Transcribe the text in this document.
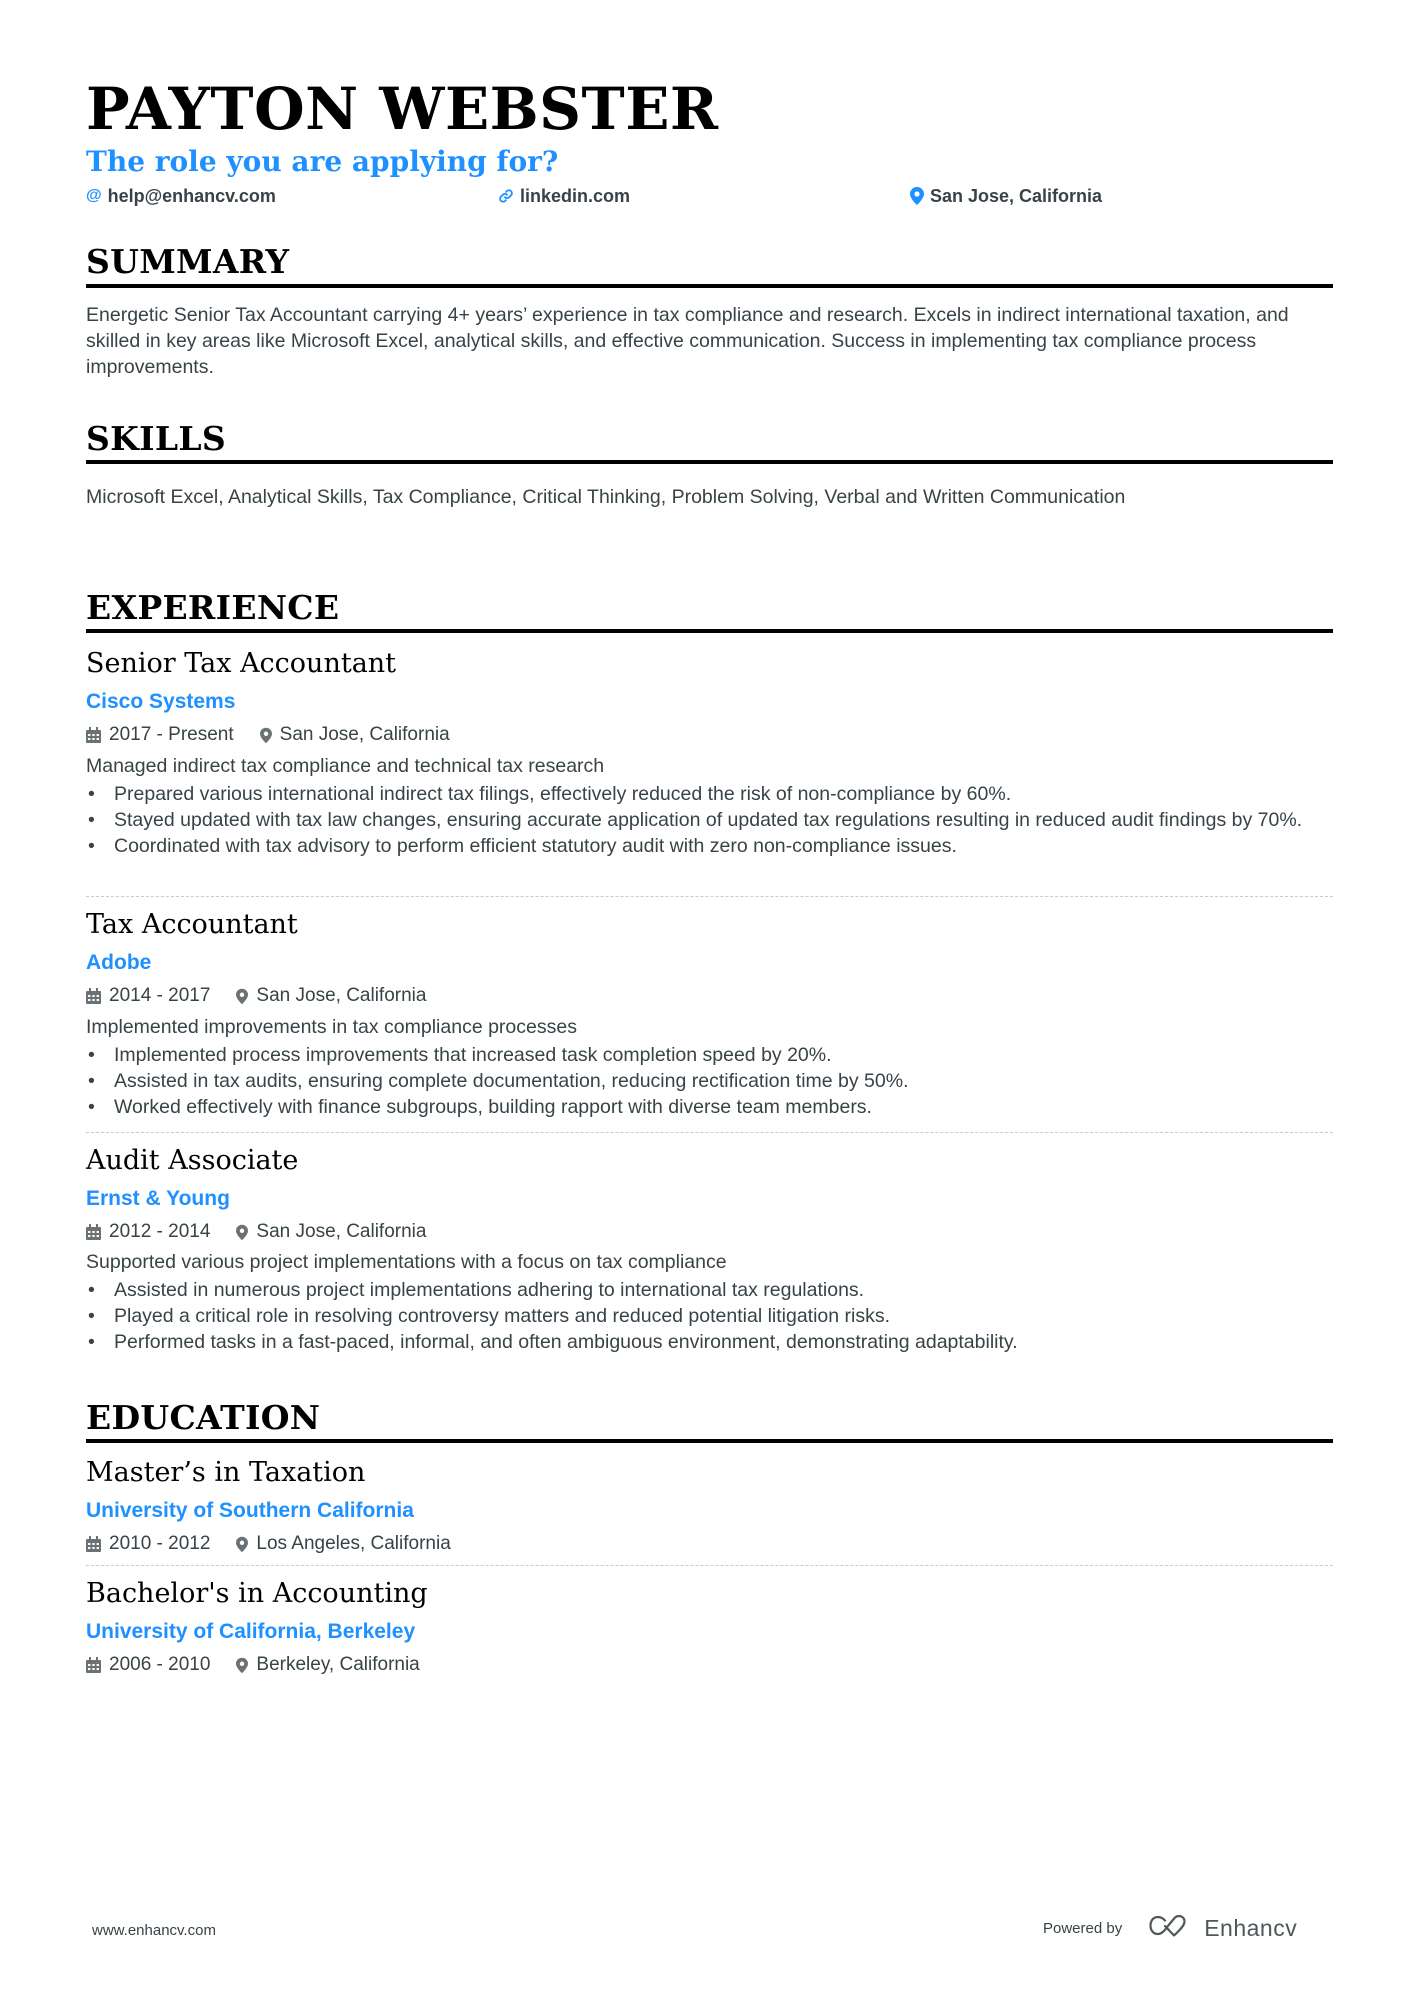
PAYTON WEBSTER
The role you are applying for?
@ help@enhancv.com	linkedin.com	San Jose, California
SUMMARY
Energetic Senior Tax Accountant carrying 4+ years’ experience in tax compliance and research. Excels in indirect international taxation, and skilled in key areas like Microsoft Excel, analytical skills, and effective communication. Success in implementing tax compliance process improvements.
SKILLS
Microsoft Excel, Analytical Skills, Tax Compliance, Critical Thinking, Problem Solving, Verbal and Written Communication
EXPERIENCE
Senior Tax Accountant
Cisco Systems
2017 - Present San Jose, California
Managed indirect tax compliance and technical tax research
• Prepared various international indirect tax filings, effectively reduced the risk of non-compliance by 60%.
• Stayed updated with tax law changes, ensuring accurate application of updated tax regulations resulting in reduced audit findings by 70%.
• Coordinated with tax advisory to perform efficient statutory audit with zero non-compliance issues.
Tax Accountant
Adobe
2014 - 2017 San Jose, California
Implemented improvements in tax compliance processes
• Implemented process improvements that increased task completion speed by 20%.
• Assisted in tax audits, ensuring complete documentation, reducing rectification time by 50%.
• Worked effectively with finance subgroups, building rapport with diverse team members.
Audit Associate
Ernst & Young
2012 - 2014 San Jose, California
Supported various project implementations with a focus on tax compliance
• Assisted in numerous project implementations adhering to international tax regulations.
• Played a critical role in resolving controversy matters and reduced potential litigation risks.
• Performed tasks in a fast-paced, informal, and often ambiguous environment, demonstrating adaptability.
EDUCATION
Master’s in Taxation
University of Southern California
2010 - 2012 Los Angeles, California
Bachelor's in Accounting
University of California, Berkeley
2006 - 2010 Berkeley, California
www.enhancv.com	Powered by	Enhancv
